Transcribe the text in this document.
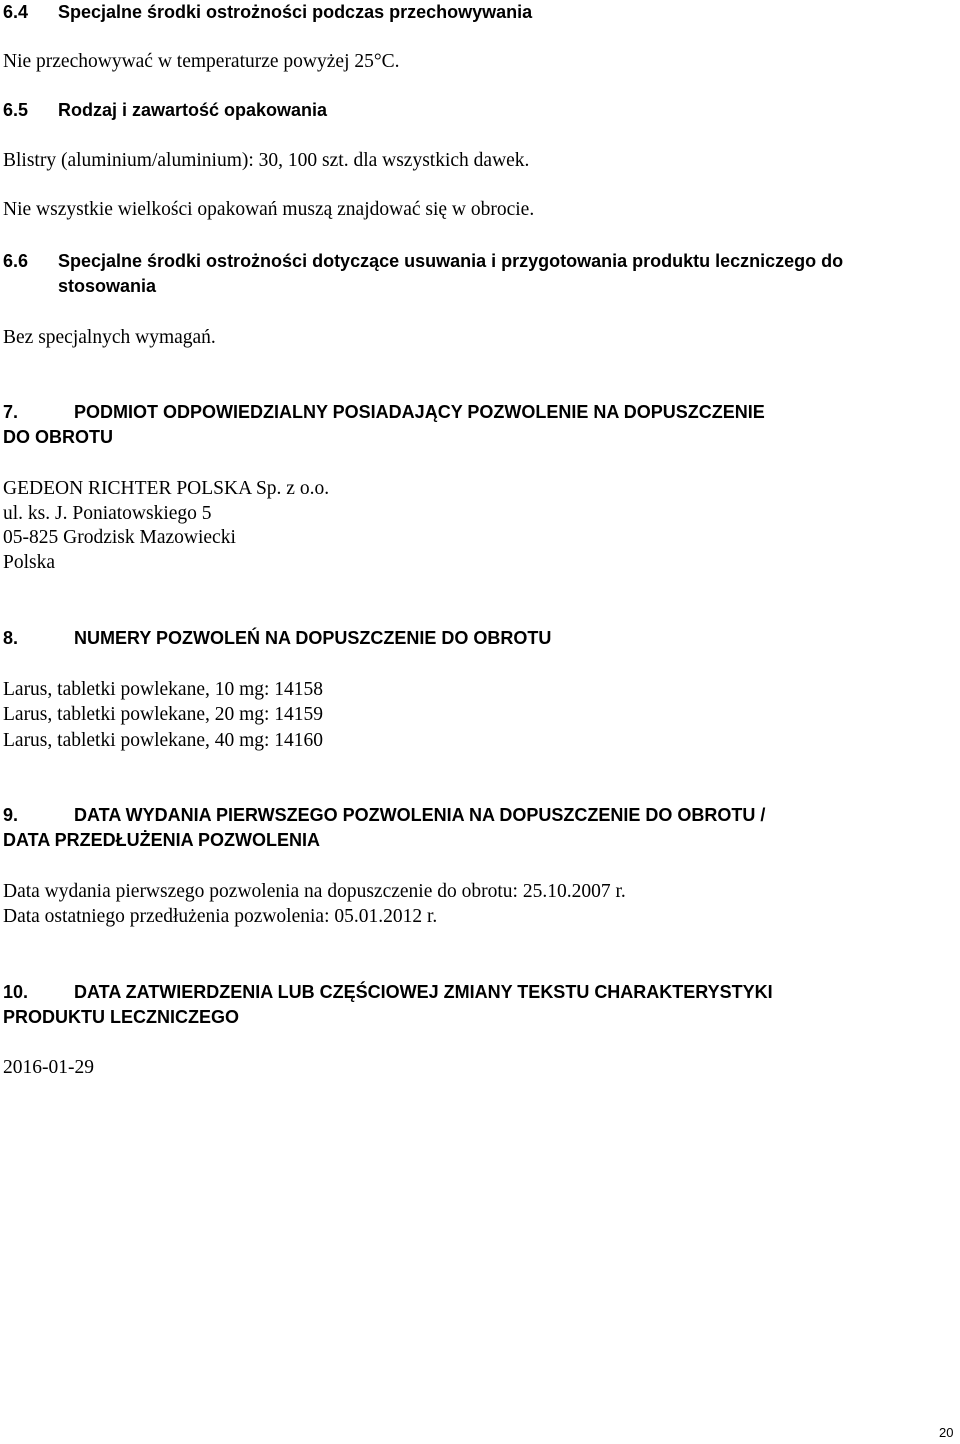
6.4 Specjalne środki ostrożności podczas przechowywania
Nie przechowywać w temperaturze powyżej 25°C.
6.5 Rodzaj i zawartość opakowania
Blistry (aluminium/aluminium): 30, 100 szt. dla wszystkich dawek.
Nie wszystkie wielkości opakowań muszą znajdować się w obrocie.
6.6 Specjalne środki ostrożności dotyczące usuwania i przygotowania produktu leczniczego do
stosowania
Bez specjalnych wymagań.
7.	PODMIOT ODPOWIEDZIALNY POSIADAJĄCY POZWOLENIE NA DOPUSZCZENIE
DO OBROTU
GEDEON RICHTER POLSKA Sp. z o.o.
ul. ks. J. Poniatowskiego 5
05-825 Grodzisk Mazowiecki
Polska
8.	NUMERY POZWOLEŃ NA DOPUSZCZENIE DO OBROTU
Larus, tabletki powlekane, 10 mg: 14158
Larus, tabletki powlekane, 20 mg: 14159
Larus, tabletki powlekane, 40 mg: 14160
9.	DATA WYDANIA PIERWSZEGO POZWOLENIA NA DOPUSZCZENIE DO OBROTU /
DATA PRZEDŁUŻENIA POZWOLENIA
Data wydania pierwszego pozwolenia na dopuszczenie do obrotu: 25.10.2007 r.
Data ostatniego przedłużenia pozwolenia: 05.01.2012 r.
10.	DATA ZATWIERDZENIA LUB CZĘŚCIOWEJ ZMIANY TEKSTU CHARAKTERYSTYKI
PRODUKTU LECZNICZEGO
2016-01-29
20
